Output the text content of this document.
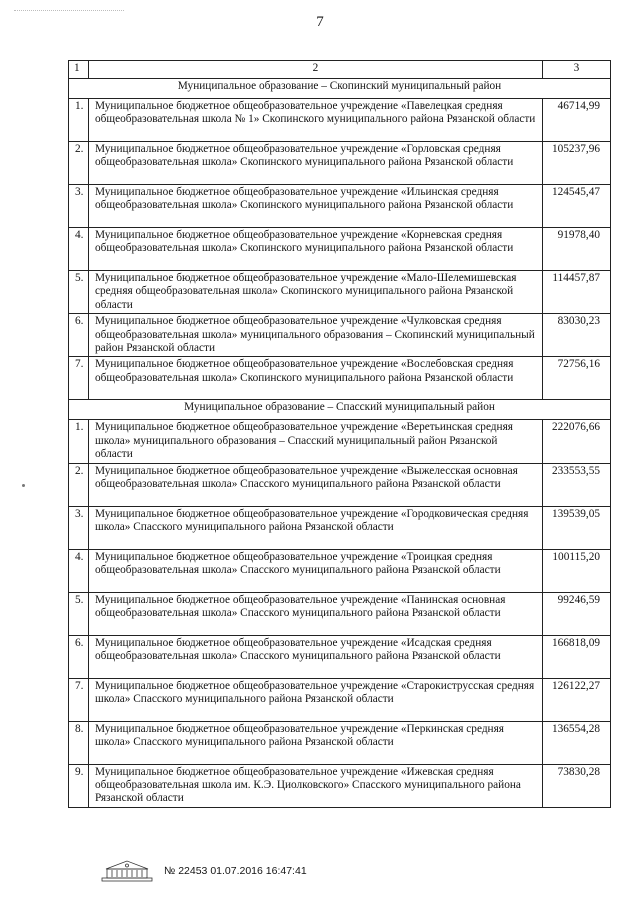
7
1	2	3
Муниципальное образование – Скопинский муниципальный район		
1.	Муниципальное бюджетное общеобразовательное учреждение «Павелецкая средняя общеобразовательная школа № 1» Скопинского муниципального района Рязанской области	46714,99
2.	Муниципальное бюджетное общеобразовательное учреждение «Горловская средняя общеобразовательная школа» Скопинского муниципального района Рязанской области	105237,96
3.	Муниципальное бюджетное общеобразовательное учреждение «Ильинская средняя общеобразовательная школа» Скопинского муниципального района Рязанской области	124545,47
4.	Муниципальное бюджетное общеобразовательное учреждение «Корневская средняя общеобразовательная школа» Скопинского муниципального района Рязанской области	91978,40
5.	Муниципальное бюджетное общеобразовательное учреждение «Мало-Шелемишевская средняя общеобразовательная школа» Скопинского муниципального района Рязанской области	114457,87
6.	Муниципальное бюджетное общеобразовательное учреждение «Чулковская средняя общеобразовательная школа» муниципального образования – Скопинский муниципальный район Рязанской области	83030,23
7.	Муниципальное бюджетное общеобразовательное учреждение «Вослебовская средняя общеобразовательная школа» Скопинского муниципального района Рязанской области	72756,16
Муниципальное образование – Спасский муниципальный район		
1.	Муниципальное бюджетное общеобразовательное учреждение «Веретьинская средняя школа» муниципального образования – Спасский муниципальный район Рязанской области	222076,66
2.	Муниципальное бюджетное общеобразовательное учреждение «Выжелесская основная общеобразовательная школа» Спасского муниципального района Рязанской области	233553,55
3.	Муниципальное бюджетное общеобразовательное учреждение «Городковическая средняя школа» Спасского муниципального района Рязанской области	139539,05
4.	Муниципальное бюджетное общеобразовательное учреждение «Троицкая средняя общеобразовательная школа» Спасского муниципального района Рязанской области	100115,20
5.	Муниципальное бюджетное общеобразовательное учреждение «Панинская основная общеобразовательная школа» Спасского муниципального района Рязанской области	99246,59
6.	Муниципальное бюджетное общеобразовательное учреждение «Исадская средняя общеобразовательная школа» Спасского муниципального района Рязанской области	166818,09
7.	Муниципальное бюджетное общеобразовательное учреждение «Старокиструсская средняя школа» Спасского муниципального района Рязанской области	126122,27
8.	Муниципальное бюджетное общеобразовательное учреждение «Перкинская средняя школа» Спасского муниципального района Рязанской области	136554,28
9.	Муниципальное бюджетное общеобразовательное учреждение «Ижевская средняя общеобразовательная школа им. К.Э. Циолковского» Спасского муниципального района Рязанской области	73830,28
№ 22453 01.07.2016 16:47:41
